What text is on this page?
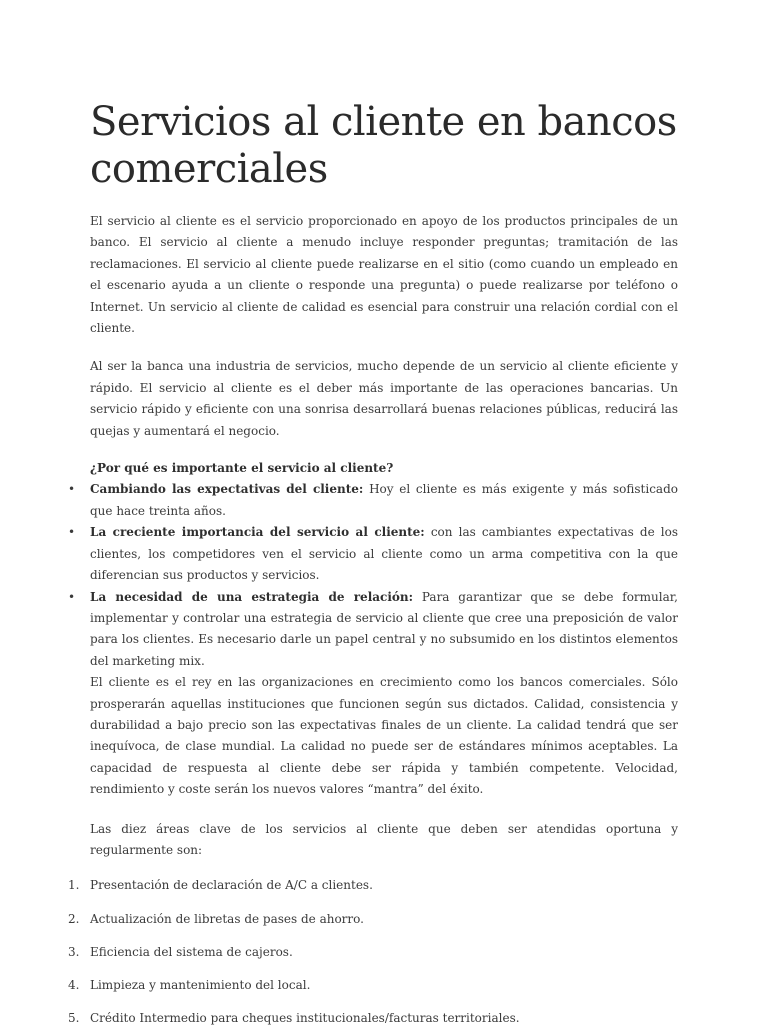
Servicios al cliente en bancos comerciales

El servicio al cliente es el servicio proporcionado en apoyo de los productos principales de un banco. El servicio al cliente a menudo incluye responder preguntas; tramitación de las reclamaciones. El servicio al cliente puede realizarse en el sitio (como cuando un empleado en el escenario ayuda a un cliente o responde una pregunta) o puede realizarse por teléfono o Internet. Un servicio al cliente de calidad es esencial para construir una relación cordial con el cliente.

Al ser la banca una industria de servicios, mucho depende de un servicio al cliente eficiente y rápido. El servicio al cliente es el deber más importante de las operaciones bancarias. Un servicio rápido y eficiente con una sonrisa desarrollará buenas relaciones públicas, reducirá las quejas y aumentará el negocio.

¿Por qué es importante el servicio al cliente?

• Cambiando las expectativas del cliente: Hoy el cliente es más exigente y más sofisticado que hace treinta años.
• La creciente importancia del servicio al cliente: con las cambiantes expectativas de los clientes, los competidores ven el servicio al cliente como un arma competitiva con la que diferencian sus productos y servicios.
• La necesidad de una estrategia de relación: Para garantizar que se debe formular, implementar y controlar una estrategia de servicio al cliente que cree una preposición de valor para los clientes. Es necesario darle un papel central y no subsumido en los distintos elementos del marketing mix.

El cliente es el rey en las organizaciones en crecimiento como los bancos comerciales. Sólo prosperarán aquellas instituciones que funcionen según sus dictados. Calidad, consistencia y durabilidad a bajo precio son las expectativas finales de un cliente. La calidad tendrá que ser inequívoca, de clase mundial. La calidad no puede ser de estándares mínimos aceptables. La capacidad de respuesta al cliente debe ser rápida y también competente. Velocidad, rendimiento y coste serán los nuevos valores “mantra” del éxito.

Las diez áreas clave de los servicios al cliente que deben ser atendidas oportuna y regularmente son:

1. Presentación de declaración de A/C a clientes.
2. Actualización de libretas de pases de ahorro.
3. Eficiencia del sistema de cajeros.
4. Limpieza y mantenimiento del local.
5. Crédito Intermedio para cheques institucionales/facturas territoriales.
